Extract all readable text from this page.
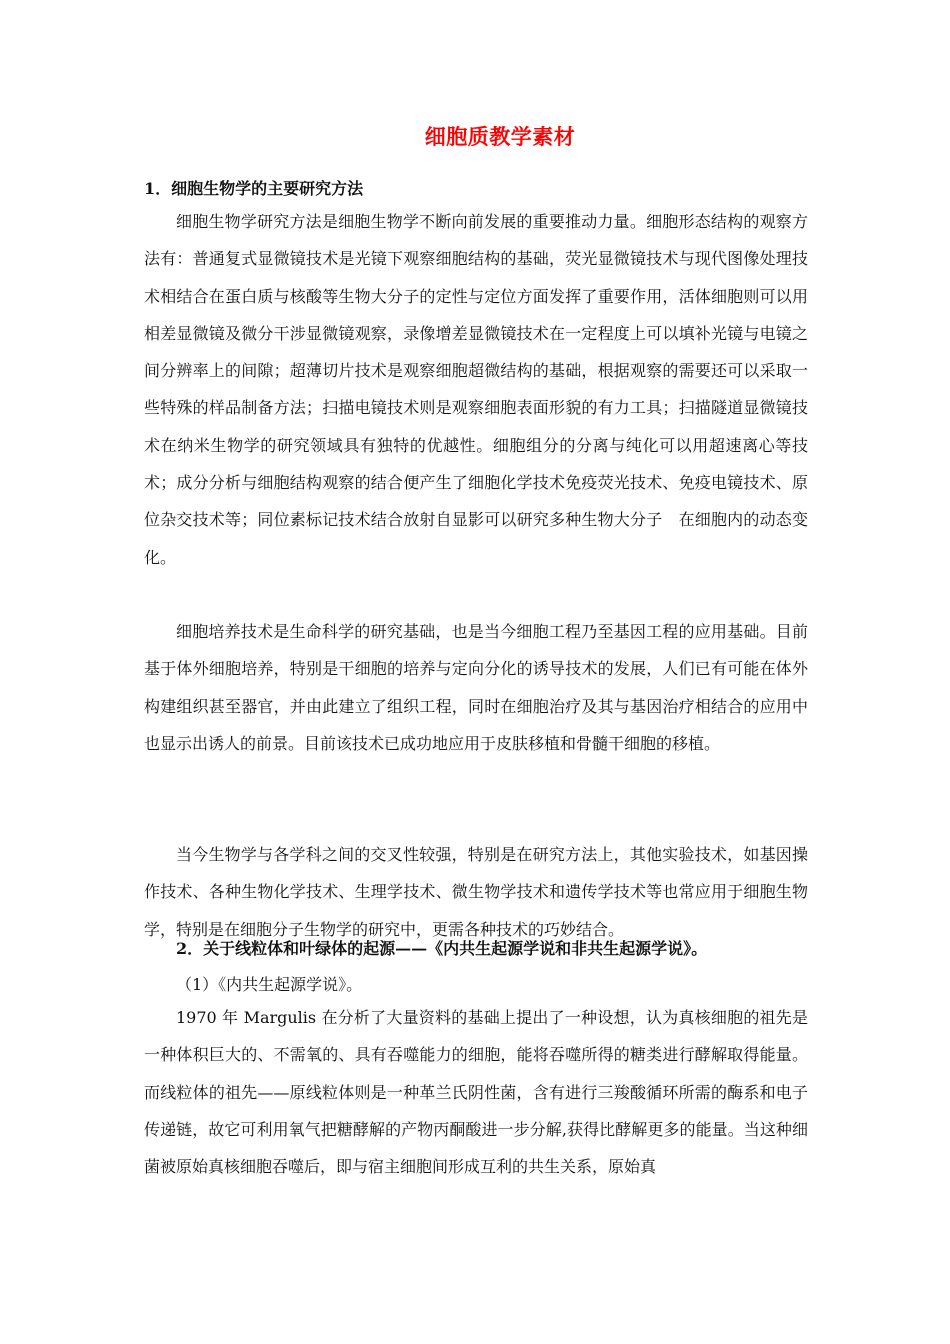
细胞质教学素材
1．细胞生物学的主要研究方法

细胞生物学研究方法是细胞生物学不断向前发展的重要推动力量。细胞形态结构的观察方法有：普通复式显微镜技术是光镜下观察细胞结构的基础，荧光显微镜技术与现代图像处理技术相结合在蛋白质与核酸等生物大分子的定性与定位方面发挥了重要作用，活体细胞则可以用相差显微镜及微分干涉显微镜观察，录像增差显微镜技术在一定程度上可以填补光镜与电镜之间分辨率上的间隙；超薄切片技术是观察细胞超微结构的基础，根据观察的需要还可以采取一些特殊的样品制备方法；扫描电镜技术则是观察细胞表面形貌的有力工具；扫描隧道显微镜技术在纳米生物学的研究领域具有独特的优越性。细胞组分的分离与纯化可以用超速离心等技术；成分分析与细胞结构观察的结合便产生了细胞化学技术免疫荧光技术、免疫电镜技术、原位杂交技术等；同位素标记技术结合放射自显影可以研究多种生物大分子　在细胞内的动态变化。

细胞培养技术是生命科学的研究基础，也是当今细胞工程乃至基因工程的应用基础。目前基于体外细胞培养，特别是干细胞的培养与定向分化的诱导技术的发展，人们已有可能在体外构建组织甚至器官，并由此建立了组织工程，同时在细胞治疗及其与基因治疗相结合的应用中也显示出诱人的前景。目前该技术已成功地应用于皮肤移植和骨髓干细胞的移植。

当今生物学与各学科之间的交叉性较强，特别是在研究方法上，其他实验技术，如基因操作技术、各种生物化学技术、生理学技术、微生物学技术和遗传学技术等也常应用于细胞生物学，特别是在细胞分子生物学的研究中，更需各种技术的巧妙结合。

2．关于线粒体和叶绿体的起源——《内共生起源学说和非共生起源学说》。
（1）《内共生起源学说》。

1970 年 Margulis 在分析了大量资料的基础上提出了一种设想，认为真核细胞的祖先是一种体积巨大的、不需氧的、具有吞噬能力的细胞，能将吞噬所得的糖类进行酵解取得能量。而线粒体的祖先——原线粒体则是一种革兰氏阴性菌，含有进行三羧酸循环所需的酶系和电子传递链，故它可利用氧气把糖酵解的产物丙酮酸进一步分解,获得比酵解更多的能量。当这种细菌被原始真核细胞吞噬后，即与宿主细胞间形成互利的共生关系，原始真
